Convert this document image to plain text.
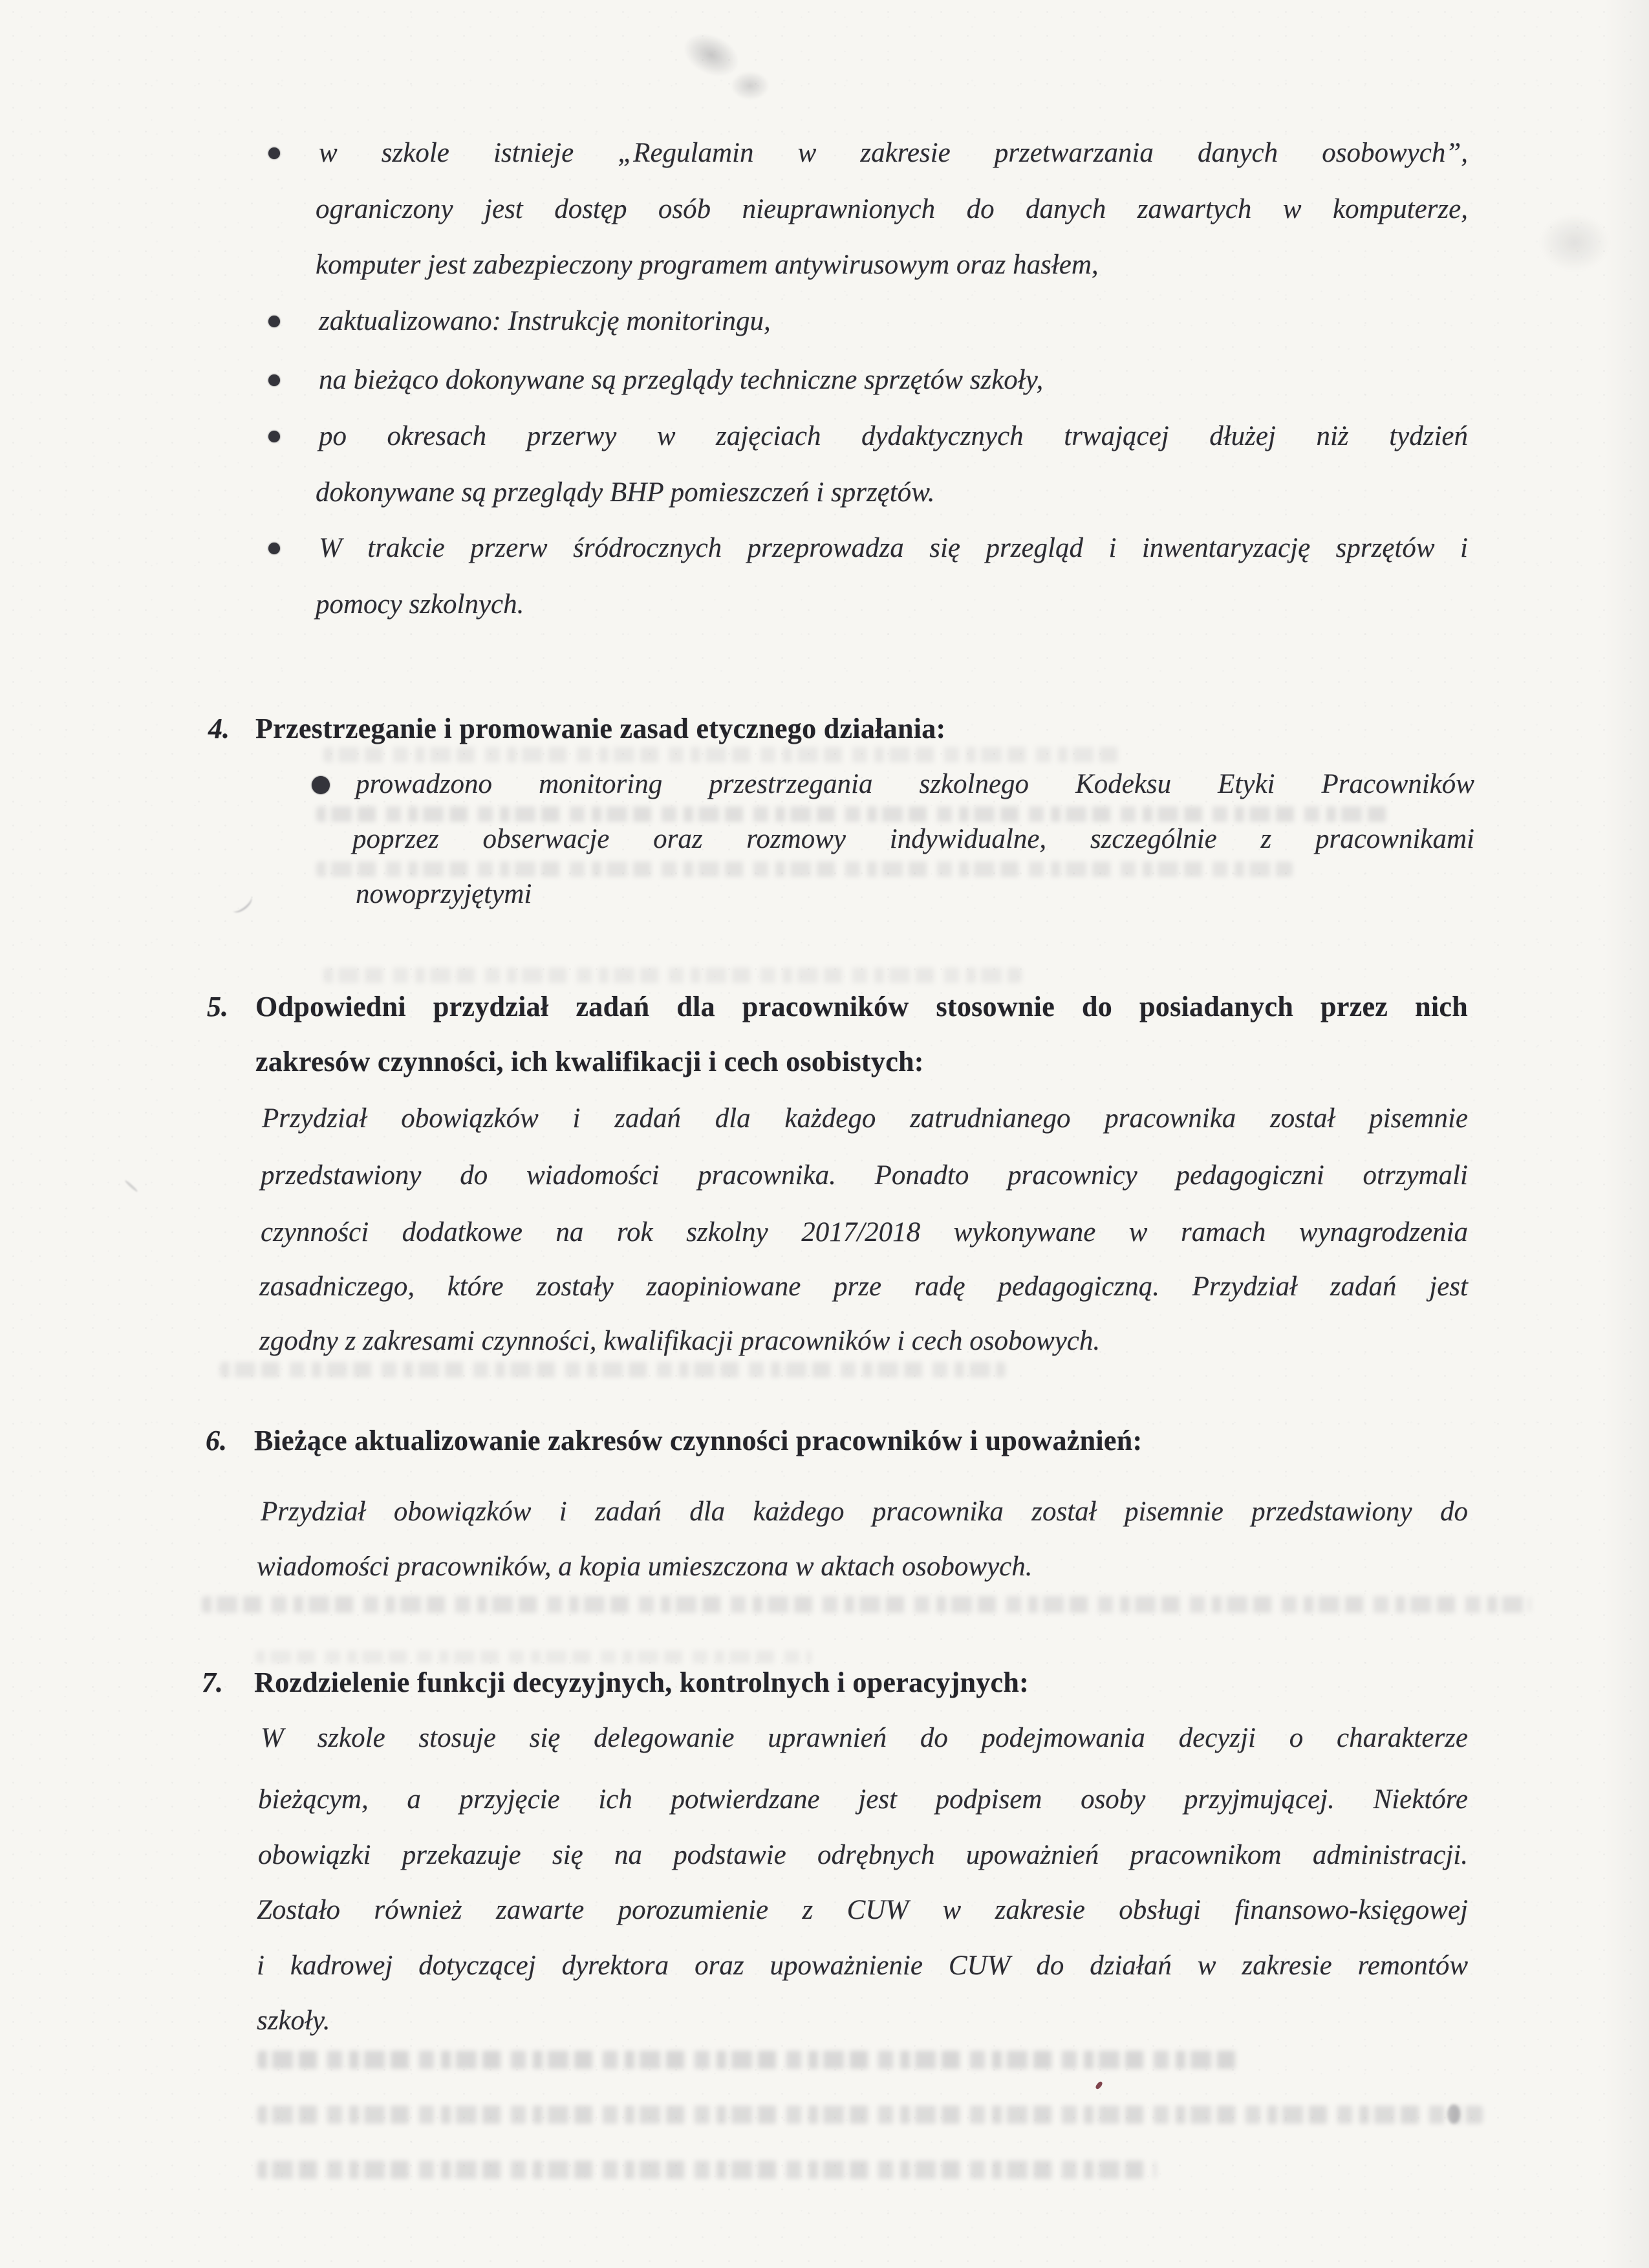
w szkole istnieje „Regulamin w zakresie przetwarzania danych osobowych”,
ograniczony jest dostęp osób nieuprawnionych do danych zawartych w komputerze,
komputer jest zabezpieczony programem antywirusowym oraz hasłem,
zaktualizowano: Instrukcję monitoringu,
na bieżąco dokonywane są przeglądy techniczne sprzętów szkoły,
po okresach przerwy w zajęciach dydaktycznych trwającej dłużej niż tydzień
dokonywane są przeglądy BHP pomieszczeń i sprzętów.
W trakcie przerw śródrocznych przeprowadza się przegląd i inwentaryzację sprzętów i
pomocy szkolnych.
4. Przestrzeganie i promowanie zasad etycznego działania:
prowadzono monitoring przestrzegania szkolnego Kodeksu Etyki Pracowników
poprzez obserwacje oraz rozmowy indywidualne, szczególnie z pracownikami
nowoprzyjętymi
5. Odpowiedni przydział zadań dla pracowników stosownie do posiadanych przez nich
zakresów czynności, ich kwalifikacji i cech osobistych:
Przydział obowiązków i zadań dla każdego zatrudnianego pracownika został pisemnie
przedstawiony do wiadomości pracownika. Ponadto pracownicy pedagogiczni otrzymali
czynności dodatkowe na rok szkolny 2017/2018 wykonywane w ramach wynagrodzenia
zasadniczego, które zostały zaopiniowane prze radę pedagogiczną. Przydział zadań jest
zgodny z zakresami czynności, kwalifikacji pracowników i cech osobowych.
6. Bieżące aktualizowanie zakresów czynności pracowników i upoważnień:
Przydział obowiązków i zadań dla każdego pracownika został pisemnie przedstawiony do
wiadomości pracowników, a kopia umieszczona w aktach osobowych.
7.	Rozdzielenie funkcji decyzyjnych, kontrolnych i operacyjnych:
W szkole stosuje się delegowanie uprawnień do podejmowania decyzji o charakterze
bieżącym, a przyjęcie ich potwierdzane jest podpisem osoby przyjmującej. Niektóre
obowiązki przekazuje się na podstawie odrębnych upoważnień pracownikom administracji.
Zostało również zawarte porozumienie z CUW w zakresie obsługi finansowo-księgowej
i kadrowej dotyczącej dyrektora oraz upoważnienie CUW do działań w zakresie remontów
szkoły.
